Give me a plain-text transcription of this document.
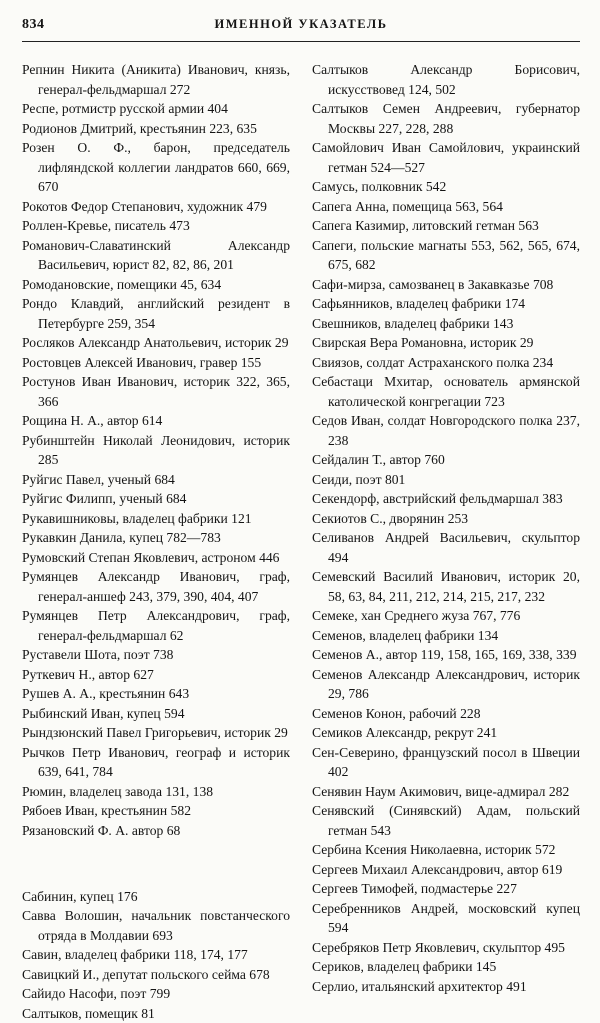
834	ИМЕННОЙ УКАЗАТЕЛЬ

Репнин Никита (Аникита) Иванович, князь, генерал-фельдмаршал 272

Респе, ротмистр русской армии 404

Родионов Дмитрий, крестьянин 223, 635

Розен О. Ф., барон, председатель лифляндской коллегии ландратов 660, 669, 670

Рокотов Федор Степанович, художник 479

Роллен-Кревье, писатель 473

Романович-Славатинский Александр Васильевич, юрист 82, 82, 86, 201

Ромодановские, помещики 45, 634

Рондо Клавдий, английский резидент в Петербурге 259, 354

Росляков Александр Анатольевич, историк 29

Ростовцев Алексей Иванович, гравер 155

Ростунов Иван Иванович, историк 322, 365, 366

Рощина Н. А., автор 614

Рубинштейн Николай Леонидович, историк 285

Руйгис Павел, ученый 684

Руйгис Филипп, ученый 684

Рукавишниковы, владелец фабрики 121

Рукавкин Данила, купец 782—783

Румовский Степан Яковлевич, астроном 446

Румянцев Александр Иванович, граф, генерал-аншеф 243, 379, 390, 404, 407

Румянцев Петр Александрович, граф, генерал-фельдмаршал 62

Руставели Шота, поэт 738

Руткевич Н., автор 627

Рушев А. А., крестьянин 643

Рыбинский Иван, купец 594

Рындзюнский Павел Григорьевич, историк 29

Рычков Петр Иванович, географ и историк 639, 641, 784

Рюмин, владелец завода 131, 138

Рябоев Иван, крестьянин 582

Рязановский Ф. А. автор 68

Сабинин, купец 176

Савва Волошин, начальник повстанческого отряда в Молдавии 693

Савин, владелец фабрики 118, 174, 177

Савицкий И., депутат польского сейма 678

Сайидо Насофи, поэт 799

Салтыков, помещик 81

Салтыков Александр Борисович, искусствовед 124, 502

Салтыков Семен Андреевич, губернатор Москвы 227, 228, 288

Самойлович Иван Самойлович, украинский гетман 524—527

Самусь, полковник 542

Сапега Анна, помещица 563, 564

Сапега Казимир, литовский гетман 563

Сапеги, польские магнаты 553, 562, 565, 674, 675, 682

Сафи-мирза, самозванец в Закавказье 708

Сафьянников, владелец фабрики 174

Свешников, владелец фабрики 143

Свирская Вера Романовна, историк 29

Свиязов, солдат Астраханского полка 234

Себастаци Мхитар, основатель армянской католической конгрегации 723

Седов Иван, солдат Новгородского полка 237, 238

Сейдалин Т., автор 760

Сеиди, поэт 801

Секендорф, австрийский фельдмаршал 383

Секиотов С., дворянин 253

Селиванов Андрей Васильевич, скульптор 494

Семевский Василий Иванович, историк 20, 58, 63, 84, 211, 212, 214, 215, 217, 232

Семеке, хан Среднего жуза 767, 776

Семенов, владелец фабрики 134

Семенов А., автор 119, 158, 165, 169, 338, 339

Семенов Александр Александрович, историк 29, 786

Семенов Конон, рабочий 228

Семиков Александр, рекрут 241

Сен-Северино, французский посол в Швеции 402

Сенявин Наум Акимович, вице-адмирал 282

Сенявский (Синявский) Адам, польский гетман 543

Сербина Ксения Николаевна, историк 572

Сергеев Михаил Александрович, автор 619

Сергеев Тимофей, подмастерье 227

Серебренников Андрей, московский купец 594

Серебряков Петр Яковлевич, скульптор 495

Сериков, владелец фабрики 145

Серлио, итальянский архитектор 491
